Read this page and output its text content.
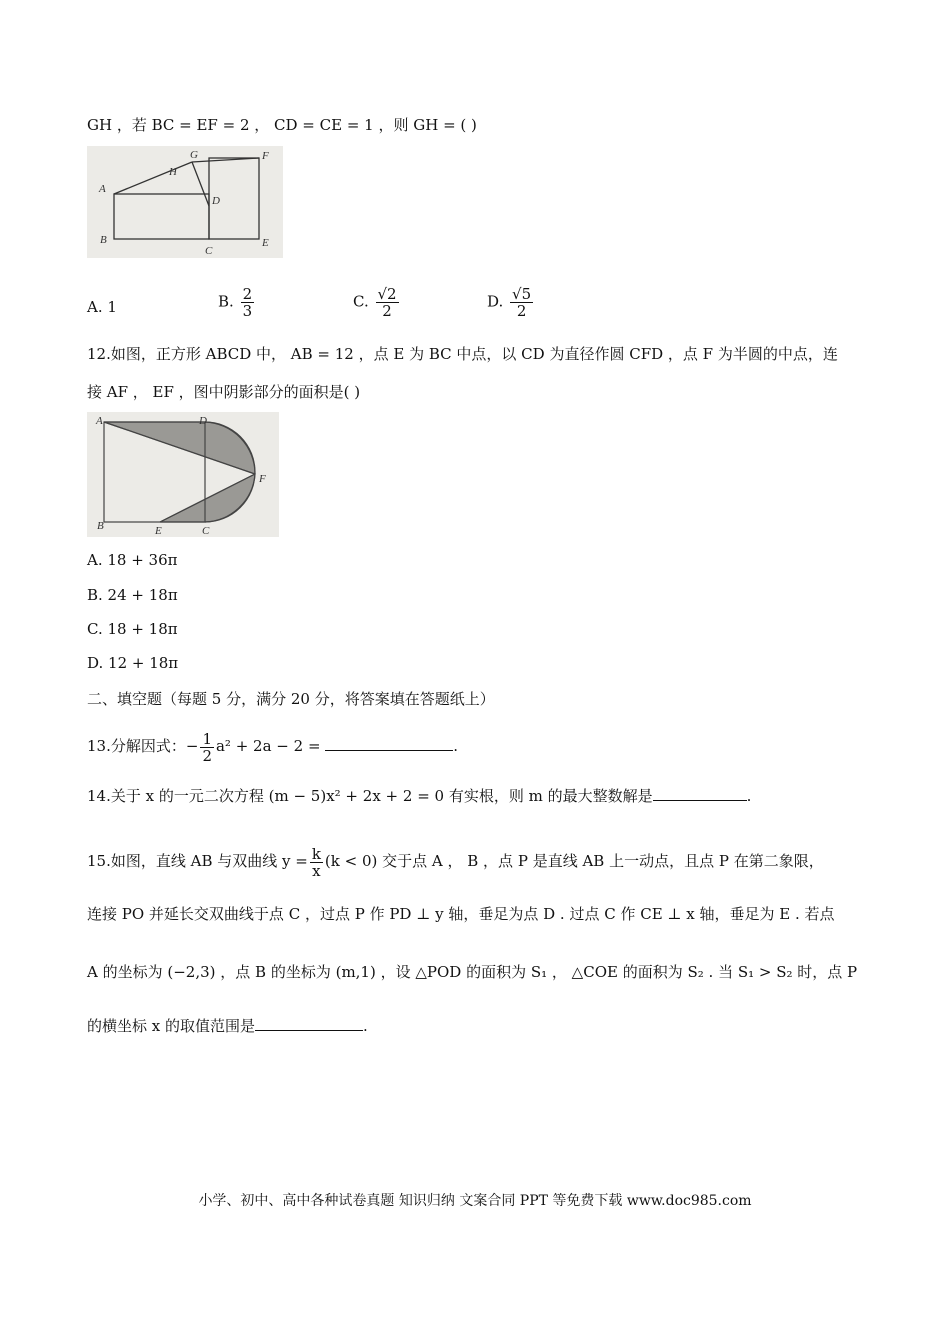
GH ，若 BC = EF = 2 ， CD = CE = 1 ，则 GH = ( )
G	F
H
A
D
B
C
E
A. 1	B. $\frac{2}{3}$	C. $\frac{√2}{2}$	D. $\frac{√5}{2}$
12.如图，正方形 ABCD 中， AB = 12 ，点 E 为 BC 中点，以 CD 为直径作圆 CFD ，点 F 为半圆的中点，连
接 AF ， EF ，图中阴影部分的面积是( )
A	D
F
B	E	C
A. 18 + 36π
B. 24 + 18π
C. 18 + 18π
D. 12 + 18π
二、填空题（每题 5 分，满分 20 分，将答案填在答题纸上）
13.分解因式：− $\frac{1}{2} a^2 + 2a - 2$ =	.
14.关于 x 的一元二次方程 (m − 5)x² + 2x + 2 = 0 有实根，则 m 的最大整数解是	.
15.如图，直线 AB 与双曲线 $y = \frac{k}{x} (k < 0)$ 交于点 A ， B ，点 P 是直线 AB 上一动点，且点 P 在第二象限，
连接 PO 并延长交双曲线于点 C ，过点 P 作 PD ⊥ y 轴，垂足为点 D . 过点 C 作 CE ⊥ x 轴，垂足为 E . 若点
A 的坐标为 (−2,3) ，点 B 的坐标为 (m,1) ，设 △POD 的面积为 S₁ ， △COE 的面积为 S₂ . 当 S₁ > S₂ 时，点 P
的横坐标 x 的取值范围是	.
小学、初中、高中各种试卷真题 知识归纳 文案合同 PPT 等免费下载 www.doc985.com
